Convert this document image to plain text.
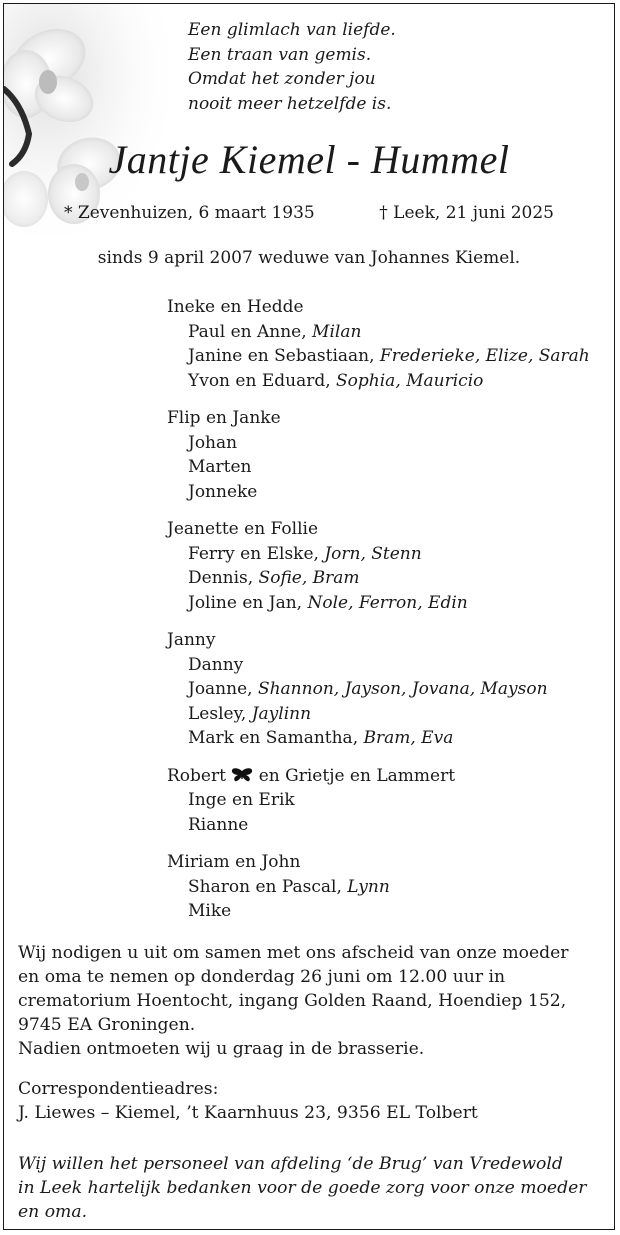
Een glimlach van liefde.
Een traan van gemis.
Omdat het zonder jou
nooit meer hetzelfde is.
Jantje Kiemel - Hummel
* Zevenhuizen, 6 maart 1935	† Leek, 21 juni 2025
sinds 9 april 2007 weduwe van Johannes Kiemel.
Ineke en Hedde
Paul en Anne, Milan
Janine en Sebastiaan, Frederieke, Elize, Sarah
Yvon en Eduard, Sophia, Mauricio
Flip en Janke
Johan
Marten
Jonneke
Jeanette en Follie
Ferry en Elske, Jorn, Stenn
Dennis, Sofie, Bram
Joline en Jan, Nole, Ferron, Edin
Janny
Danny
Joanne, Shannon, Jayson, Jovana, Mayson
Lesley, Jaylinn
Mark en Samantha, Bram, Eva
Robert  en Grietje en Lammert
Inge en Erik
Rianne
Miriam en John
Sharon en Pascal, Lynn
Mike
Wij nodigen u uit om samen met ons afscheid van onze moeder
en oma te nemen op donderdag 26 juni om 12.00 uur in
crematorium Hoentocht, ingang Golden Raand, Hoendiep 152,
9745 EA Groningen.
Nadien ontmoeten wij u graag in de brasserie.
Correspondentieadres:
J. Liewes – Kiemel, ’t Kaarnhuus 23, 9356 EL Tolbert
Wij willen het personeel van afdeling ‘de Brug’ van Vredewold
in Leek hartelijk bedanken voor de goede zorg voor onze moeder
en oma.
